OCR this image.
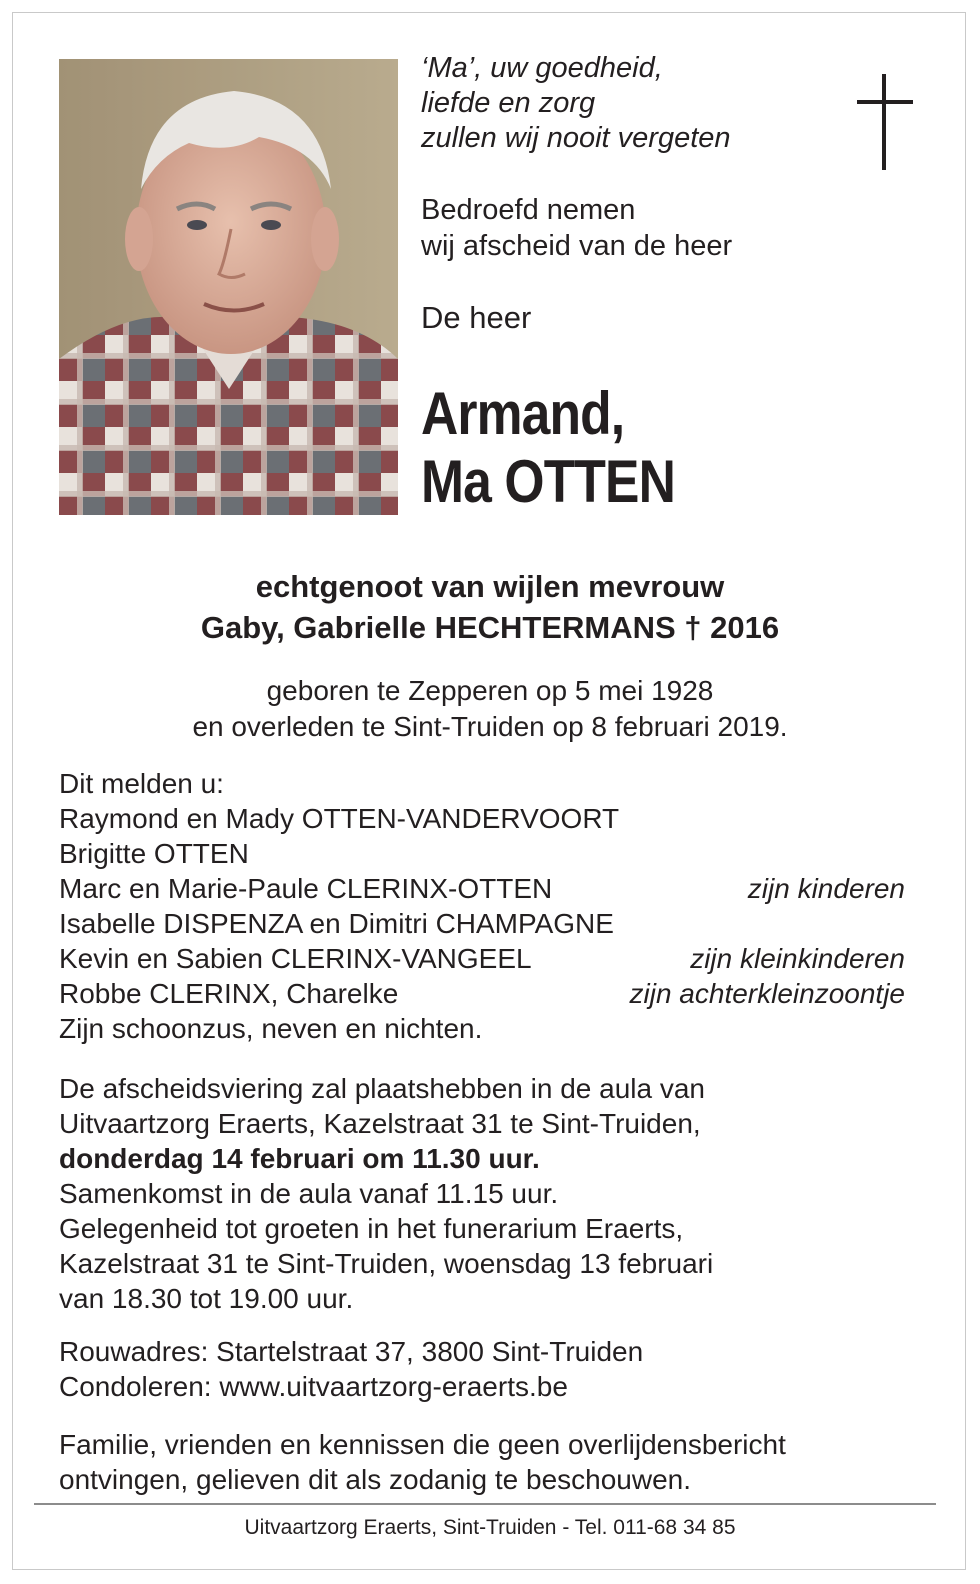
‘Ma’, uw goedheid,
liefde en zorg
zullen wij nooit vergeten
Bedroefd nemen
wij afscheid van de heer
De heer
Armand,
Ma OTTEN
echtgenoot van wijlen mevrouw
Gaby, Gabrielle HECHTERMANS † 2016
geboren te Zepperen op 5 mei 1928
en overleden te Sint-Truiden op 8 februari 2019.
Dit melden u:
Raymond en Mady OTTEN-VANDERVOORT
Brigitte OTTEN
Marc en Marie-Paule CLERINX-OTTEN	zijn kinderen
Isabelle DISPENZA en Dimitri CHAMPAGNE
Kevin en Sabien CLERINX-VANGEEL	zijn kleinkinderen
Robbe CLERINX, Charelke	zijn achterkleinzoontje
Zijn schoonzus, neven en nichten.
De afscheidsviering zal plaatshebben in de aula van
Uitvaartzorg Eraerts, Kazelstraat 31 te Sint-Truiden,
donderdag 14 februari om 11.30 uur.
Samenkomst in de aula vanaf 11.15 uur.
Gelegenheid tot groeten in het funerarium Eraerts,
Kazelstraat 31 te Sint-Truiden, woensdag 13 februari
van 18.30 tot 19.00 uur.
Rouwadres: Startelstraat 37, 3800 Sint-Truiden
Condoleren: www.uitvaartzorg-eraerts.be
Familie, vrienden en kennissen die geen overlijdensbericht
ontvingen, gelieven dit als zodanig te beschouwen.
Uitvaartzorg Eraerts, Sint-Truiden - Tel. 011-68 34 85
